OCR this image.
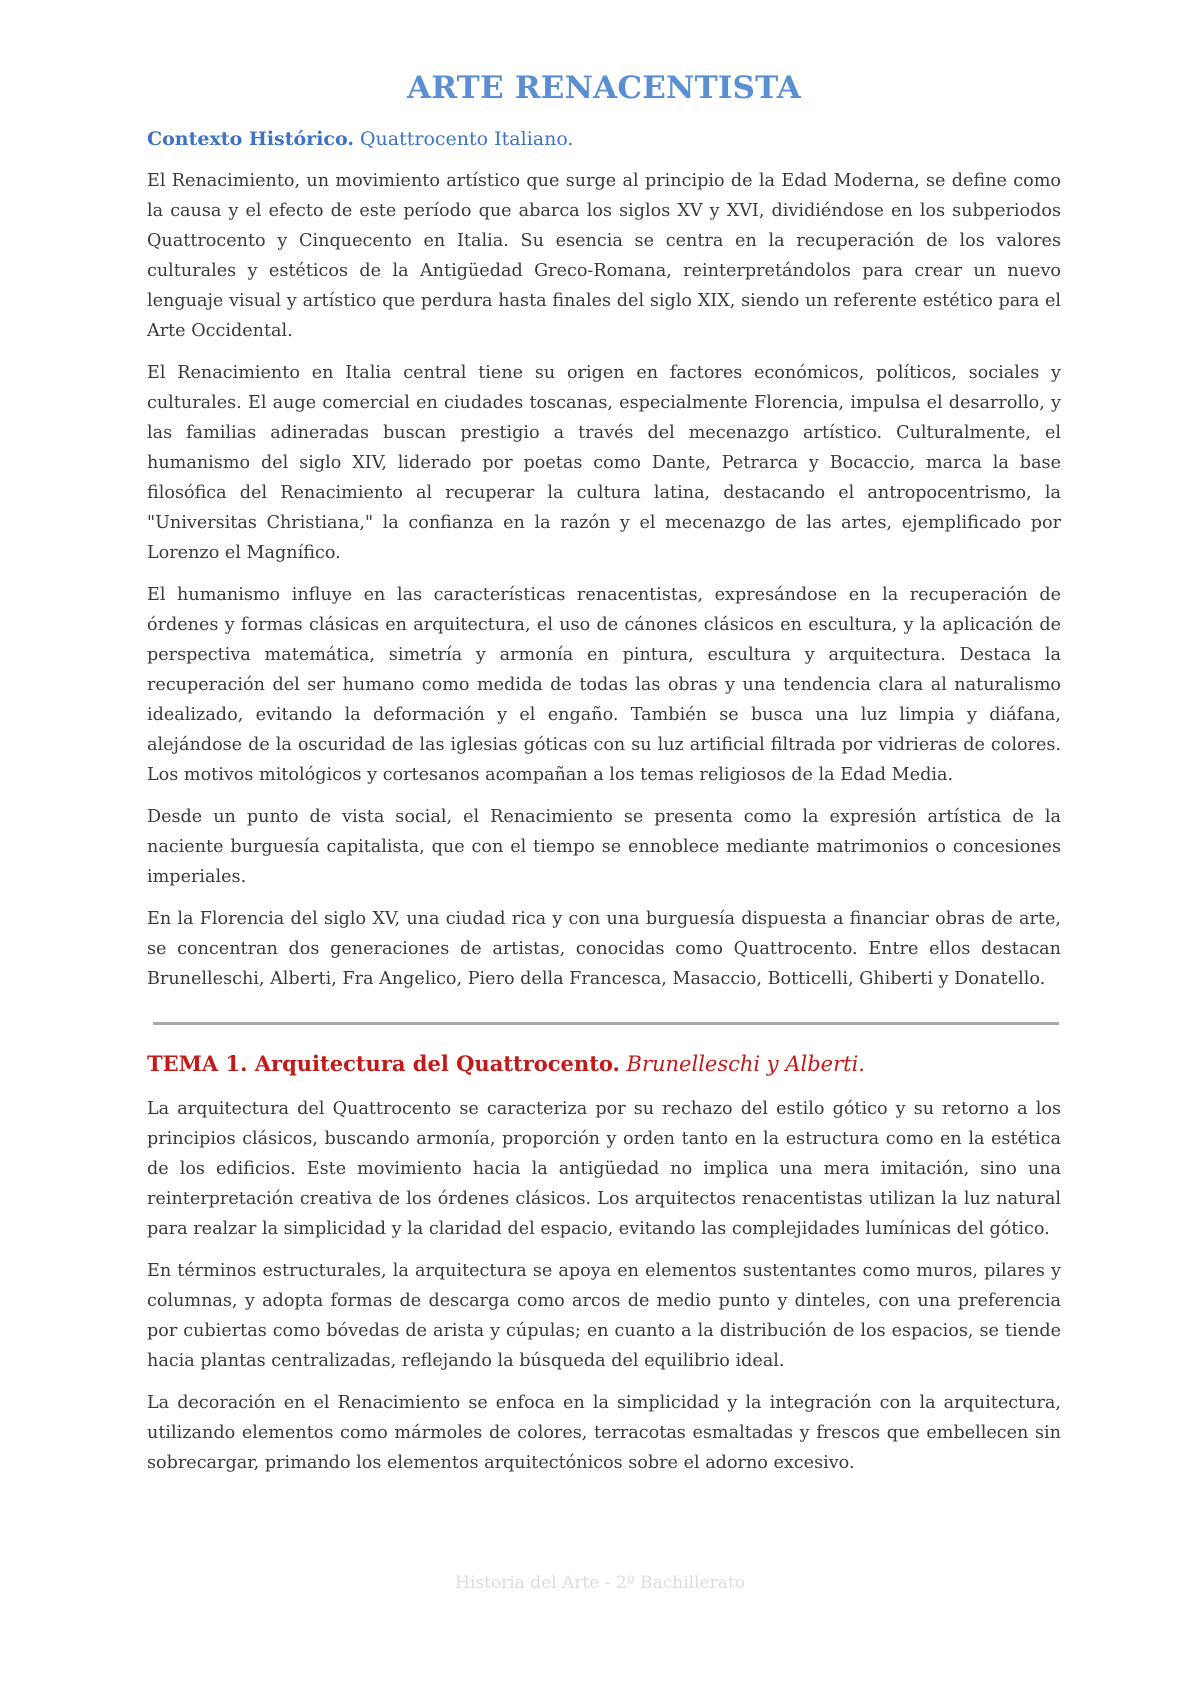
ARTE RENACENTISTA
Contexto Histórico. Quattrocento Italiano.

El Renacimiento, un movimiento artístico que surge al principio de la Edad Moderna, se define como la causa y el efecto de este período que abarca los siglos XV y XVI, dividiéndose en los subperiodos Quattrocento y Cinquecento en Italia. Su esencia se centra en la recuperación de los valores culturales y estéticos de la Antigüedad Greco-Romana, reinterpretándolos para crear un nuevo lenguaje visual y artístico que perdura hasta finales del siglo XIX, siendo un referente estético para el Arte Occidental.

El Renacimiento en Italia central tiene su origen en factores económicos, políticos, sociales y culturales. El auge comercial en ciudades toscanas, especialmente Florencia, impulsa el desarrollo, y las familias adineradas buscan prestigio a través del mecenazgo artístico. Culturalmente, el humanismo del siglo XIV, liderado por poetas como Dante, Petrarca y Bocaccio, marca la base filosófica del Renacimiento al recuperar la cultura latina, destacando el antropocentrismo, la "Universitas Christiana," la confianza en la razón y el mecenazgo de las artes, ejemplificado por Lorenzo el Magnífico.

El humanismo influye en las características renacentistas, expresándose en la recuperación de órdenes y formas clásicas en arquitectura, el uso de cánones clásicos en escultura, y la aplicación de perspectiva matemática, simetría y armonía en pintura, escultura y arquitectura. Destaca la recuperación del ser humano como medida de todas las obras y una tendencia clara al naturalismo idealizado, evitando la deformación y el engaño. También se busca una luz limpia y diáfana, alejándose de la oscuridad de las iglesias góticas con su luz artificial filtrada por vidrieras de colores. Los motivos mitológicos y cortesanos acompañan a los temas religiosos de la Edad Media.

Desde un punto de vista social, el Renacimiento se presenta como la expresión artística de la naciente burguesía capitalista, que con el tiempo se ennoblece mediante matrimonios o concesiones imperiales.

En la Florencia del siglo XV, una ciudad rica y con una burguesía dispuesta a financiar obras de arte, se concentran dos generaciones de artistas, conocidas como Quattrocento. Entre ellos destacan Brunelleschi, Alberti, Fra Angelico, Piero della Francesca, Masaccio, Botticelli, Ghiberti y Donatello.

TEMA 1. Arquitectura del Quattrocento. Brunelleschi y Alberti.

La arquitectura del Quattrocento se caracteriza por su rechazo del estilo gótico y su retorno a los principios clásicos, buscando armonía, proporción y orden tanto en la estructura como en la estética de los edificios. Este movimiento hacia la antigüedad no implica una mera imitación, sino una reinterpretación creativa de los órdenes clásicos. Los arquitectos renacentistas utilizan la luz natural para realzar la simplicidad y la claridad del espacio, evitando las complejidades lumínicas del gótico.

En términos estructurales, la arquitectura se apoya en elementos sustentantes como muros, pilares y columnas, y adopta formas de descarga como arcos de medio punto y dinteles, con una preferencia por cubiertas como bóvedas de arista y cúpulas; en cuanto a la distribución de los espacios, se tiende hacia plantas centralizadas, reflejando la búsqueda del equilibrio ideal.

La decoración en el Renacimiento se enfoca en la simplicidad y la integración con la arquitectura, utilizando elementos como mármoles de colores, terracotas esmaltadas y frescos que embellecen sin sobrecargar, primando los elementos arquitectónicos sobre el adorno excesivo.

Historia del Arte - 2º Bachillerato
